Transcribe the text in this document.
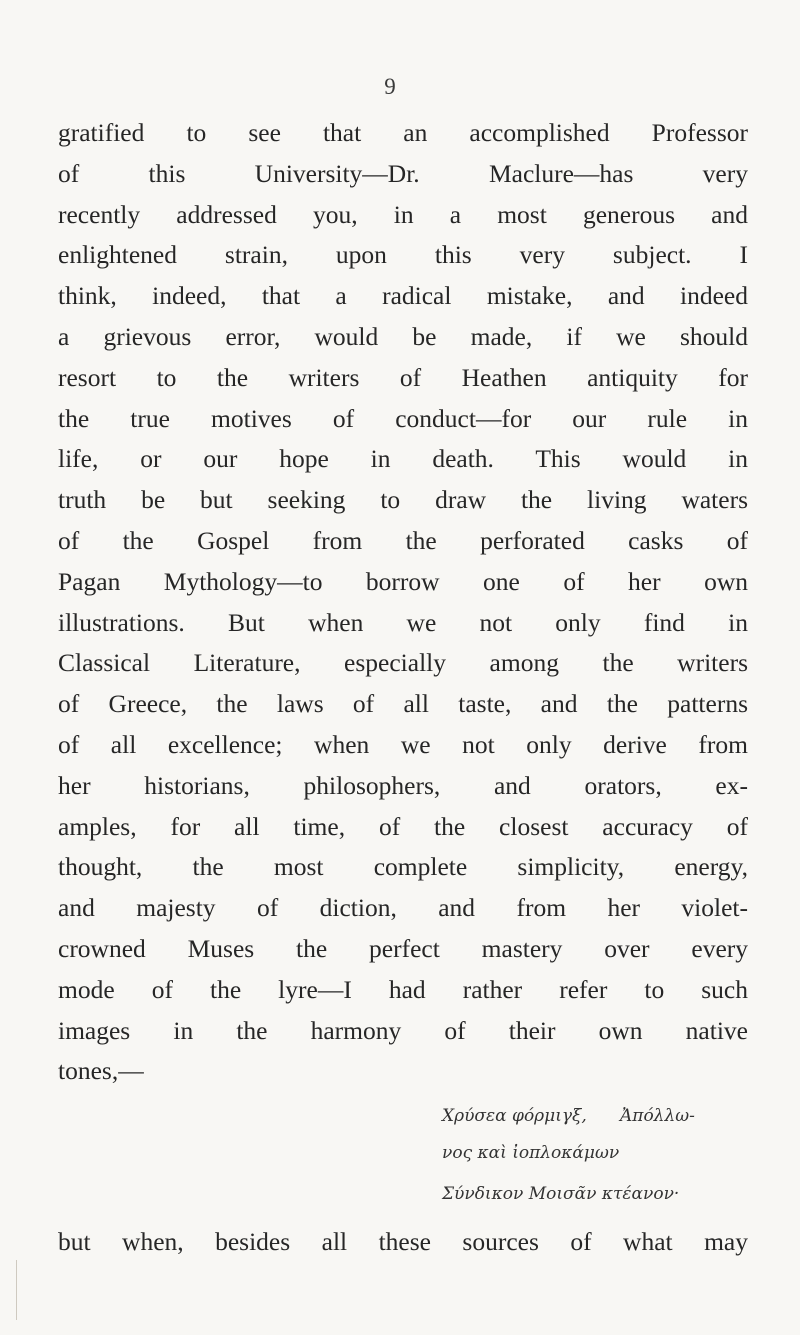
9
gratified to see that an accomplished Professor
of this University—Dr. Maclure—has very
recently addressed you, in a most generous and
enlightened strain, upon this very subject. I
think, indeed, that a radical mistake, and indeed
a grievous error, would be made, if we should
resort to the writers of Heathen antiquity for
the true motives of conduct—for our rule in
life, or our hope in death. This would in
truth be but seeking to draw the living waters
of the Gospel from the perforated casks of
Pagan Mythology—to borrow one of her own
illustrations. But when we not only find in
Classical Literature, especially among the writers
of Greece, the laws of all taste, and the patterns
of all excellence; when we not only derive from
her historians, philosophers, and orators, ex-
amples, for all time, of the closest accuracy of
thought, the most complete simplicity, energy,
and majesty of diction, and from her violet-
crowned Muses the perfect mastery over every
mode of the lyre—I had rather refer to such
images in the harmony of their own native
tones,—
Χρύσεα φόρμιγξ, Ἀπόλλω-
νος καὶ ἰοπλοκάμων
Σύνδικον Μοισᾶν κτέανον·
but when, besides all these sources of what may
